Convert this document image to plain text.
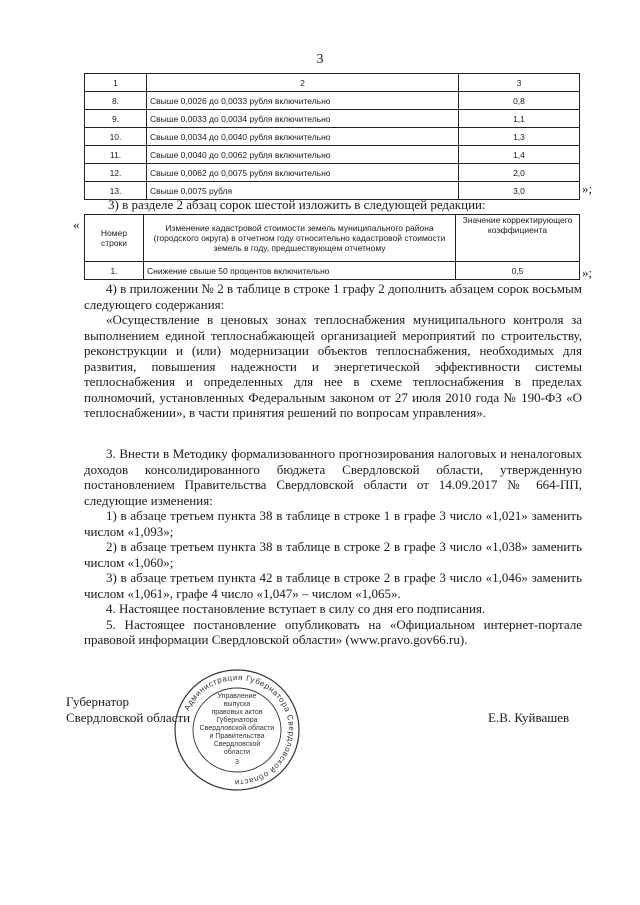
3
1	2	3
8.	Свыше 0,0026 до 0,0033 рубля включительно	0,8
9.	Свыше 0,0033 до 0,0034 рубля включительно	1,1
10.	Свыше 0,0034 до 0,0040 рубля включительно	1,3
11.	Свыше 0,0040 до 0,0062 рубля включительно	1,4
12.	Свыше 0,0062 до 0,0075 рубля включительно	2,0
13.	Свыше 0,0075 рубля	3,0	»;
3) в разделе 2 абзац сорок шестой изложить в следующей редакции:
«
Номер строки	Изменение кадастровой стоимости земель муниципального района (городского округа) в отчетном году относительно кадастровой стоимости земель в году, предшествующем отчетному	Значение корректирующего коэффициента
1.	Снижение свыше 50 процентов включительно	0,5	»;

4) в приложении № 2 в таблице в строке 1 графу 2 дополнить абзацем сорок восьмым следующего содержания:

«Осуществление в ценовых зонах теплоснабжения муниципального контроля за выполнением единой теплоснабжающей организацией мероприятий по строительству, реконструкции и (или) модернизации объектов теплоснабжения, необходимых для развития, повышения надежности и энергетической эффективности системы теплоснабжения и определенных для нее в схеме теплоснабжения в пределах полномочий, установленных Федеральным законом от 27 июля 2010 года № 190-ФЗ «О теплоснабжении», в части принятия решений по вопросам управления».

3. Внести в Методику формализованного прогнозирования налоговых и неналоговых доходов консолидированного бюджета Свердловской области, утвержденную постановлением Правительства Свердловской области от 14.09.2017 № 664-ПП, следующие изменения:

1) в абзаце третьем пункта 38 в таблице в строке 1 в графе 3 число «1,021» заменить числом «1,093»;

2) в абзаце третьем пункта 38 в таблице в строке 2 в графе 3 число «1,038» заменить числом «1,060»;

3) в абзаце третьем пункта 42 в таблице в строке 2 в графе 3 число «1,046» заменить числом «1,061», графе 4 число «1,047» – числом «1,065».

4. Настоящее постановление вступает в силу со дня его подписания.

5. Настоящее постановление опубликовать на «Официальном интернет-портале правовой информации Свердловской области» (www.pravo.gov66.ru).

Губернатор
Свердловской области	Е.В. Куйвашев
Администрация Губернатора Свердловской области
Управление
выпуска
правовых актов
Губернатора
Свердловской области
и Правительства
Свердловской
области
3
